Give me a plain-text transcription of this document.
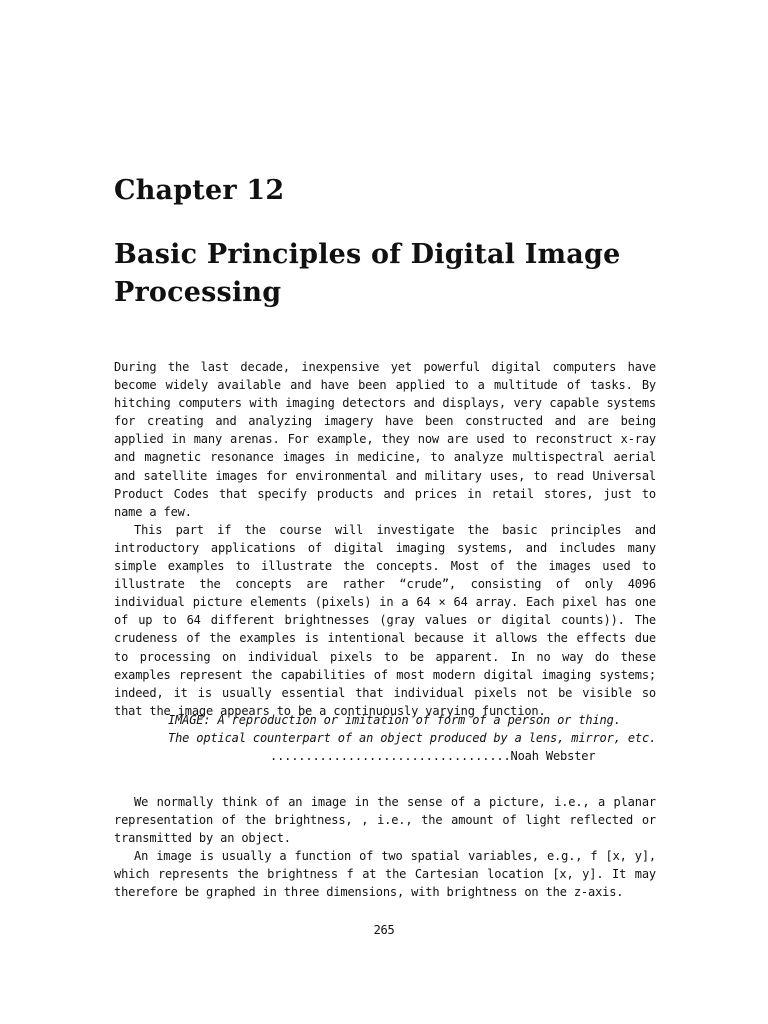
Chapter 12
Basic Principles of Digital Image Processing

During the last decade, inexpensive yet powerful digital computers have become widely available and have been applied to a multitude of tasks. By hitching computers with imaging detectors and displays, very capable systems for creating and analyzing imagery have been constructed and are being applied in many arenas. For example, they now are used to reconstruct x-ray and magnetic resonance images in medicine, to analyze multispectral aerial and satellite images for environmental and military uses, to read Universal Product Codes that specify products and prices in retail stores, just to name a few.

This part if the course will investigate the basic principles and introductory applications of digital imaging systems, and includes many simple examples to illustrate the concepts. Most of the images used to illustrate the concepts are rather “crude”, consisting of only 4096 individual picture elements (pixels) in a 64 × 64 array. Each pixel has one of up to 64 different brightnesses (gray values or digital counts)). The crudeness of the examples is intentional because it allows the effects due to processing on individual pixels to be apparent. In no way do these examples represent the capabilities of most modern digital imaging systems; indeed, it is usually essential that individual pixels not be visible so that the image appears to be a continuously varying function.

IMAGE: A reproduction or imitation of form of a person or thing.
The optical counterpart of an object produced by a lens, mirror, etc.
..................................Noah Webster

We normally think of an image in the sense of a picture, i.e., a planar representation of the brightness, , i.e., the amount of light reflected or transmitted by an object.

An image is usually a function of two spatial variables, e.g., f [x, y], which represents the brightness f at the Cartesian location [x, y]. It may therefore be graphed in three dimensions, with brightness on the z-axis.

265
